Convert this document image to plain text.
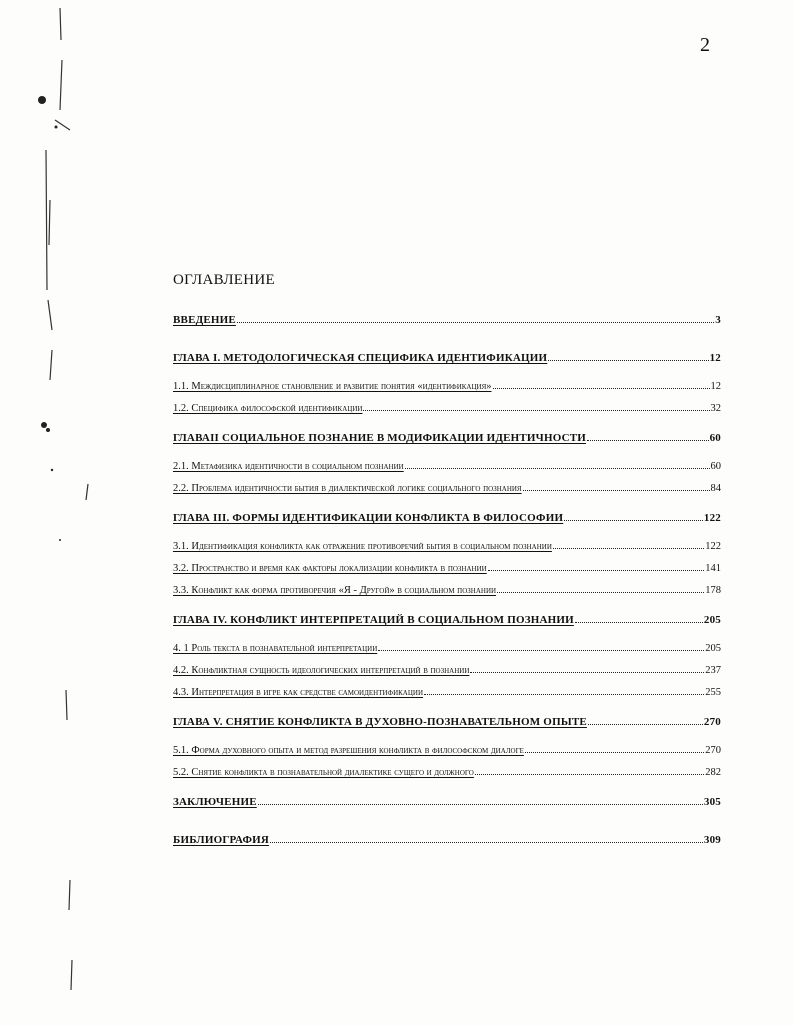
2
ОГЛАВЛЕНИЕ
ВВЕДЕНИЕ	3
ГЛАВА I. МЕТОДОЛОГИЧЕСКАЯ СПЕЦИФИКА ИДЕНТИФИКАЦИИ	12
1.1. Междисциплинарное становление и развитие понятия «идентификация»	12
1.2. Специфика философской идентификации	32
ГЛАВАII СОЦИАЛЬНОЕ ПОЗНАНИЕ В МОДИФИКАЦИИ ИДЕНТИЧНОСТИ	60
2.1. Метафизика идентичности в социальном познании	60
2.2. Проблема идентичности бытия в диалектической логике социального познания	84
ГЛАВА III. ФОРМЫ ИДЕНТИФИКАЦИИ КОНФЛИКТА В ФИЛОСОФИИ	122
3.1. Идентификация конфликта как отражение противоречий бытия в социальном познании	122
3.2. Пространство и время как факторы локализации конфликта в познании	141
3.3. Конфликт как форма противоречия «Я - Другой» в социальном познании	178
ГЛАВА IV. КОНФЛИКТ ИНТЕРПРЕТАЦИЙ В СОЦИАЛЬНОМ ПОЗНАНИИ	205
4. 1 Роль текста в познавательной интерпретации	205
4.2. Конфликтная сущность идеологических интерпретаций в познании	237
4.3. Интерпретация в игре как средстве самоидентификации	255
ГЛАВА V. СНЯТИЕ КОНФЛИКТА В ДУХОВНО-ПОЗНАВАТЕЛЬНОМ ОПЫТЕ	270
5.1. Форма духовного опыта и метод разрешения конфликта в философском диалоге	270
5.2. Снятие конфликта в познавательной диалектике сущего и должного	282
ЗАКЛЮЧЕНИЕ	305
БИБЛИОГРАФИЯ	309
